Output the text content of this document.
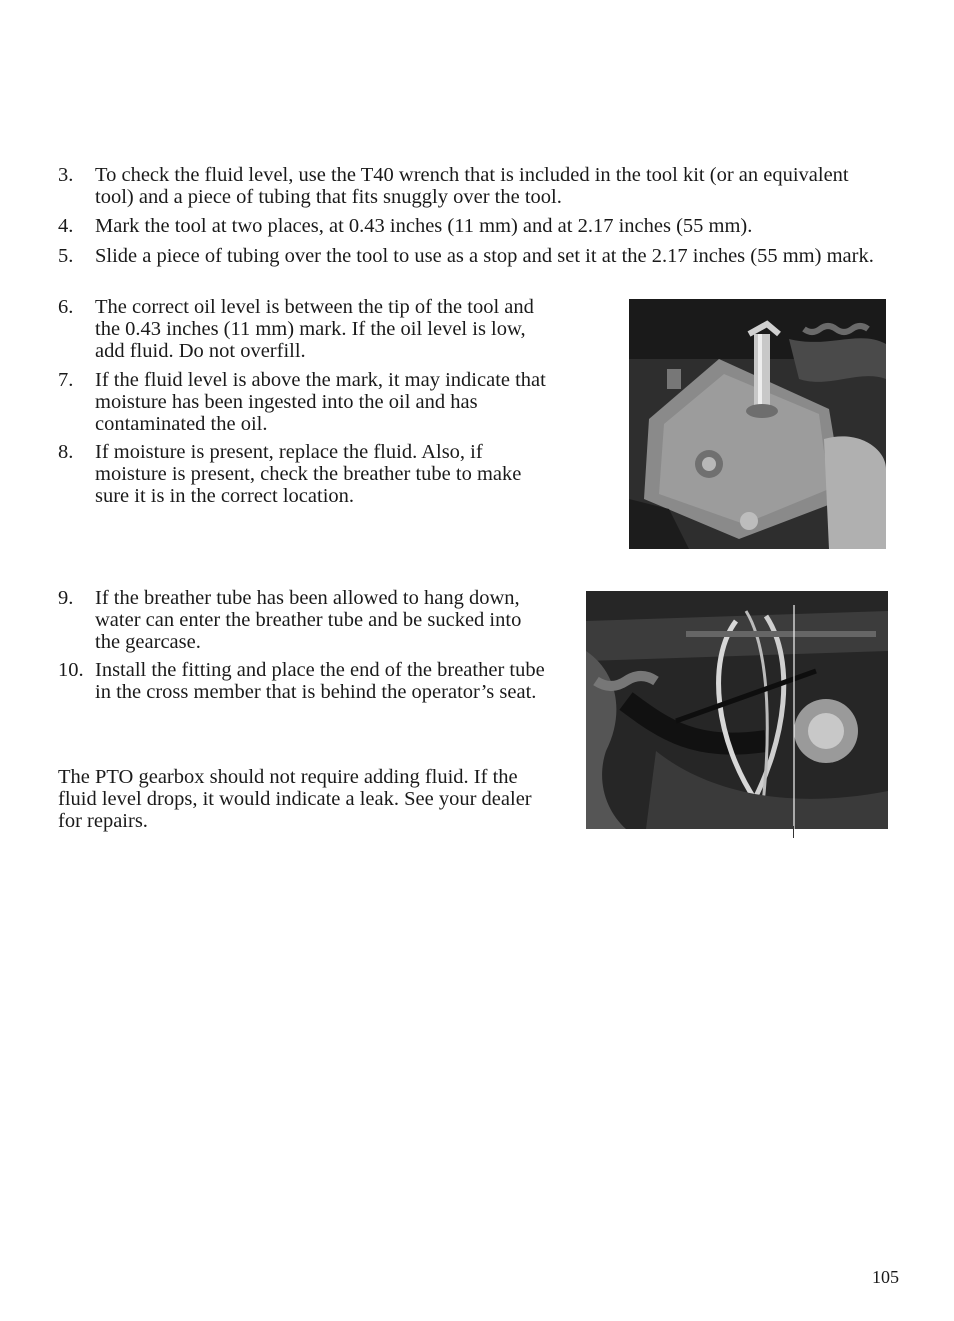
3. To check the fluid level, use the T40 wrench that is included in the tool kit (or an equivalent tool) and a piece of tubing that fits snuggly over the tool.
4. Mark the tool at two places, at 0.43 inches (11 mm) and at 2.17 inches (55 mm).
5. Slide a piece of tubing over the tool to use as a stop and set it at the 2.17 inches (55 mm) mark.
6. The correct oil level is between the tip of the tool and the 0.43 inches (11 mm) mark. If the oil level is low, add fluid. Do not overfill.
7. If the fluid level is above the mark, it may indicate that moisture has been ingested into the oil and has contaminated the oil.
8. If moisture is present, replace the fluid. Also, if moisture is present, check the breather tube to make sure it is in the correct location.
9. If the breather tube has been allowed to hang down, water can enter the breather tube and be sucked into the gearcase.
10. Install the fitting and place the end of the breather tube in the cross member that is behind the operator’s seat.
The PTO gearbox should not require adding fluid. If the fluid level drops, it would indicate a leak. See your dealer for repairs.
105
